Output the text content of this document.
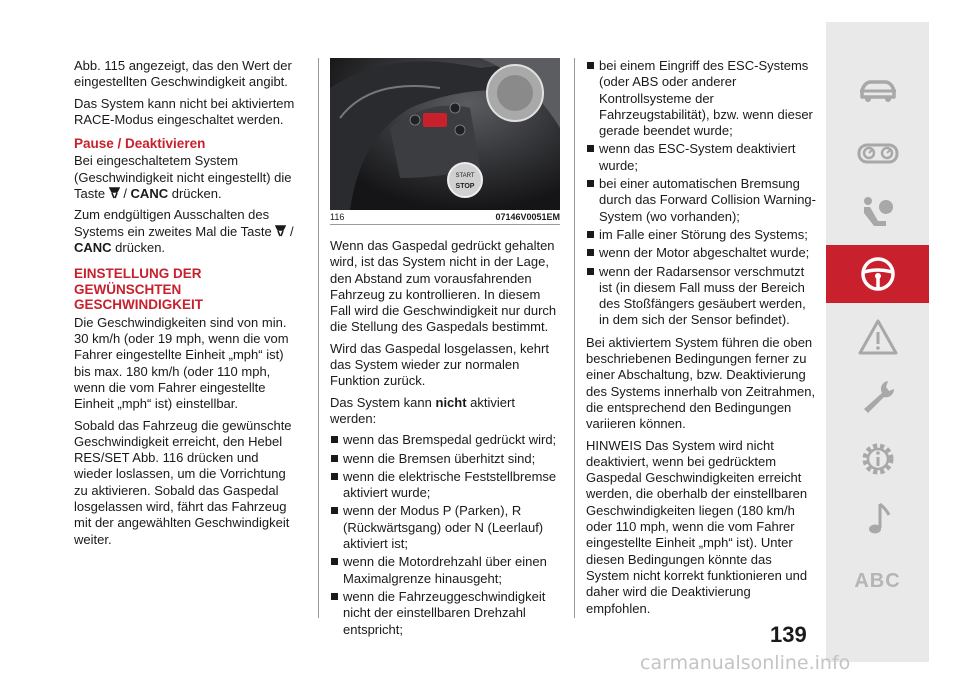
Abb. 115 angezeigt, das den Wert der eingestellten Geschwindigkeit angibt.

Das System kann nicht bei aktiviertem RACE-Modus eingeschaltet werden.

Pause / Deaktivieren

Bei eingeschaltetem System (Geschwindigkeit nicht eingestellt) die Taste  / CANC drücken.

Zum endgültigen Ausschalten des Systems ein zweites Mal die Taste  / CANC drücken.

EINSTELLUNG DER GEWÜNSCHTEN GESCHWINDIGKEIT

Die Geschwindigkeiten sind von min. 30 km/h (oder 19 mph, wenn die vom Fahrer eingestellte Einheit „mph“ ist) bis max. 180 km/h (oder 110 mph, wenn die vom Fahrer eingestellte Einheit „mph“ ist) einstellbar.

Sobald das Fahrzeug die gewünschte Geschwindigkeit erreicht, den Hebel RES/SET Abb. 116 drücken und wieder loslassen, um die Vorrichtung zu aktivieren. Sobald das Gaspedal losgelassen wird, fährt das Fahrzeug mit der angewählten Geschwindigkeit weiter.

START
STOP
116	07146V0051EM

Wenn das Gaspedal gedrückt gehalten wird, ist das System nicht in der Lage, den Abstand zum vorausfahrenden Fahrzeug zu kontrollieren. In diesem Fall wird die Geschwindigkeit nur durch die Stellung des Gaspedals bestimmt.

Wird das Gaspedal losgelassen, kehrt das System wieder zur normalen Funktion zurück.

Das System kann nicht aktiviert werden:

wenn das Bremspedal gedrückt wird;
wenn die Bremsen überhitzt sind;
wenn die elektrische Feststellbremse aktiviert wurde;
wenn der Modus P (Parken), R (Rückwärtsgang) oder N (Leerlauf) aktiviert ist;
wenn die Motordrehzahl über einen Maximalgrenze hinausgeht;
wenn die Fahrzeuggeschwindigkeit nicht der einstellbaren Drehzahl entspricht;
bei einem Eingriff des ESC-Systems (oder ABS oder anderer Kontrollsysteme der Fahrzeugstabilität), bzw. wenn dieser gerade beendet wurde;
wenn das ESC-System deaktiviert wurde;
bei einer automatischen Bremsung durch das Forward Collision Warning-System (wo vorhanden);
im Falle einer Störung des Systems;
wenn der Motor abgeschaltet wurde;
wenn der Radarsensor verschmutzt ist (in diesem Fall muss der Bereich des Stoßfängers gesäubert werden, in dem sich der Sensor befindet).

Bei aktiviertem System führen die oben beschriebenen Bedingungen ferner zu einer Abschaltung, bzw. Deaktivierung des Systems innerhalb von Zeitrahmen, die entsprechend den Bedingungen variieren können.

HINWEIS Das System wird nicht deaktiviert, wenn bei gedrücktem Gaspedal Geschwindigkeiten erreicht werden, die oberhalb der einstellbaren Geschwindigkeiten liegen (180 km/h oder 110 mph, wenn die vom Fahrer eingestellte Einheit „mph“ ist). Unter diesen Bedingungen könnte das System nicht korrekt funktionieren und daher wird die Deaktivierung empfohlen.

ABC
139
carmanualsonline.info
